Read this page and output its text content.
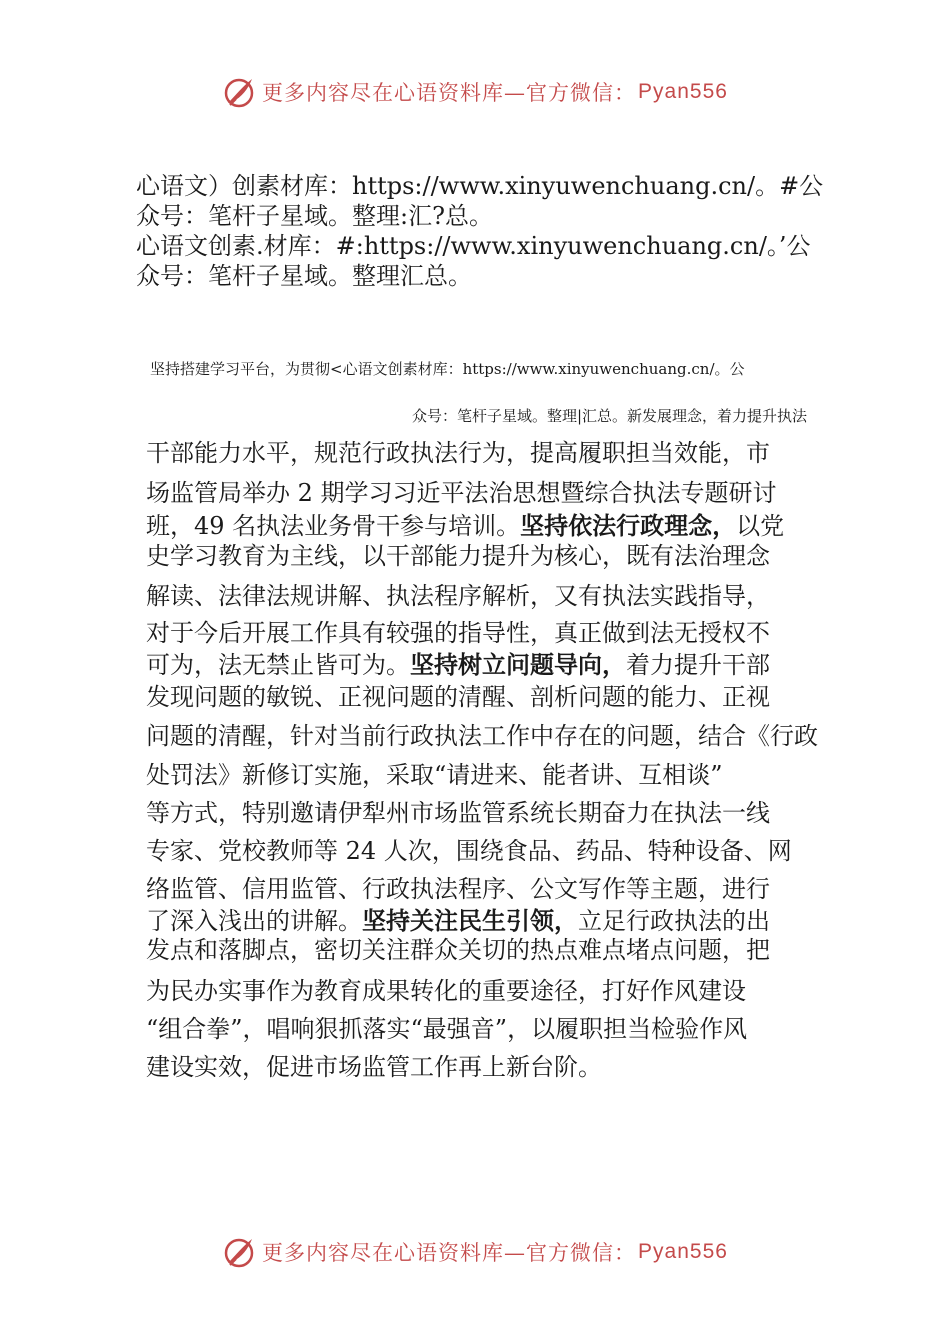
更多内容尽在心语资料库—官方微信： Pyan556
心语文）创素材库：https://www.xinyuwenchuang.cn/。#公
众号：笔杆子星域。整理:汇?总。
心语文创素.材库：#:https://www.xinyuwenchuang.cn/。’公
众号：笔杆子星域。整理汇总。
坚持搭建学习平台，为贯彻<心语文创素材库：https://www.xinyuwenchuang.cn/。公
众号：笔杆子星域。整理|汇总。新发展理念，着力提升执法
干部能力水平，规范行政执法行为，提高履职担当效能，市
场监管局举办 2 期学习习近平法治思想暨综合执法专题研讨
班，49 名执法业务骨干参与培训。坚持依法行政理念，以党
史学习教育为主线，以干部能力提升为核心，既有法治理念
解读、法律法规讲解、执法程序解析，又有执法实践指导，
对于今后开展工作具有较强的指导性，真正做到法无授权不
可为，法无禁止皆可为。坚持树立问题导向，着力提升干部
发现问题的敏锐、正视问题的清醒、剖析问题的能力、正视
问题的清醒，针对当前行政执法工作中存在的问题，结合《行政
处罚法》新修订实施，采取“请进来、能者讲、互相谈”
等方式，特别邀请伊犁州市场监管系统长期奋力在执法一线
专家、党校教师等 24 人次，围绕食品、药品、特种设备、网
络监管、信用监管、行政执法程序、公文写作等主题，进行
了深入浅出的讲解。坚持关注民生引领，立足行政执法的出
发点和落脚点，密切关注群众关切的热点难点堵点问题，把
为民办实事作为教育成果转化的重要途径，打好作风建设
“组合拳”，唱响狠抓落实“最强音”，以履职担当检验作风
建设实效，促进市场监管工作再上新台阶。
更多内容尽在心语资料库—官方微信： Pyan556
